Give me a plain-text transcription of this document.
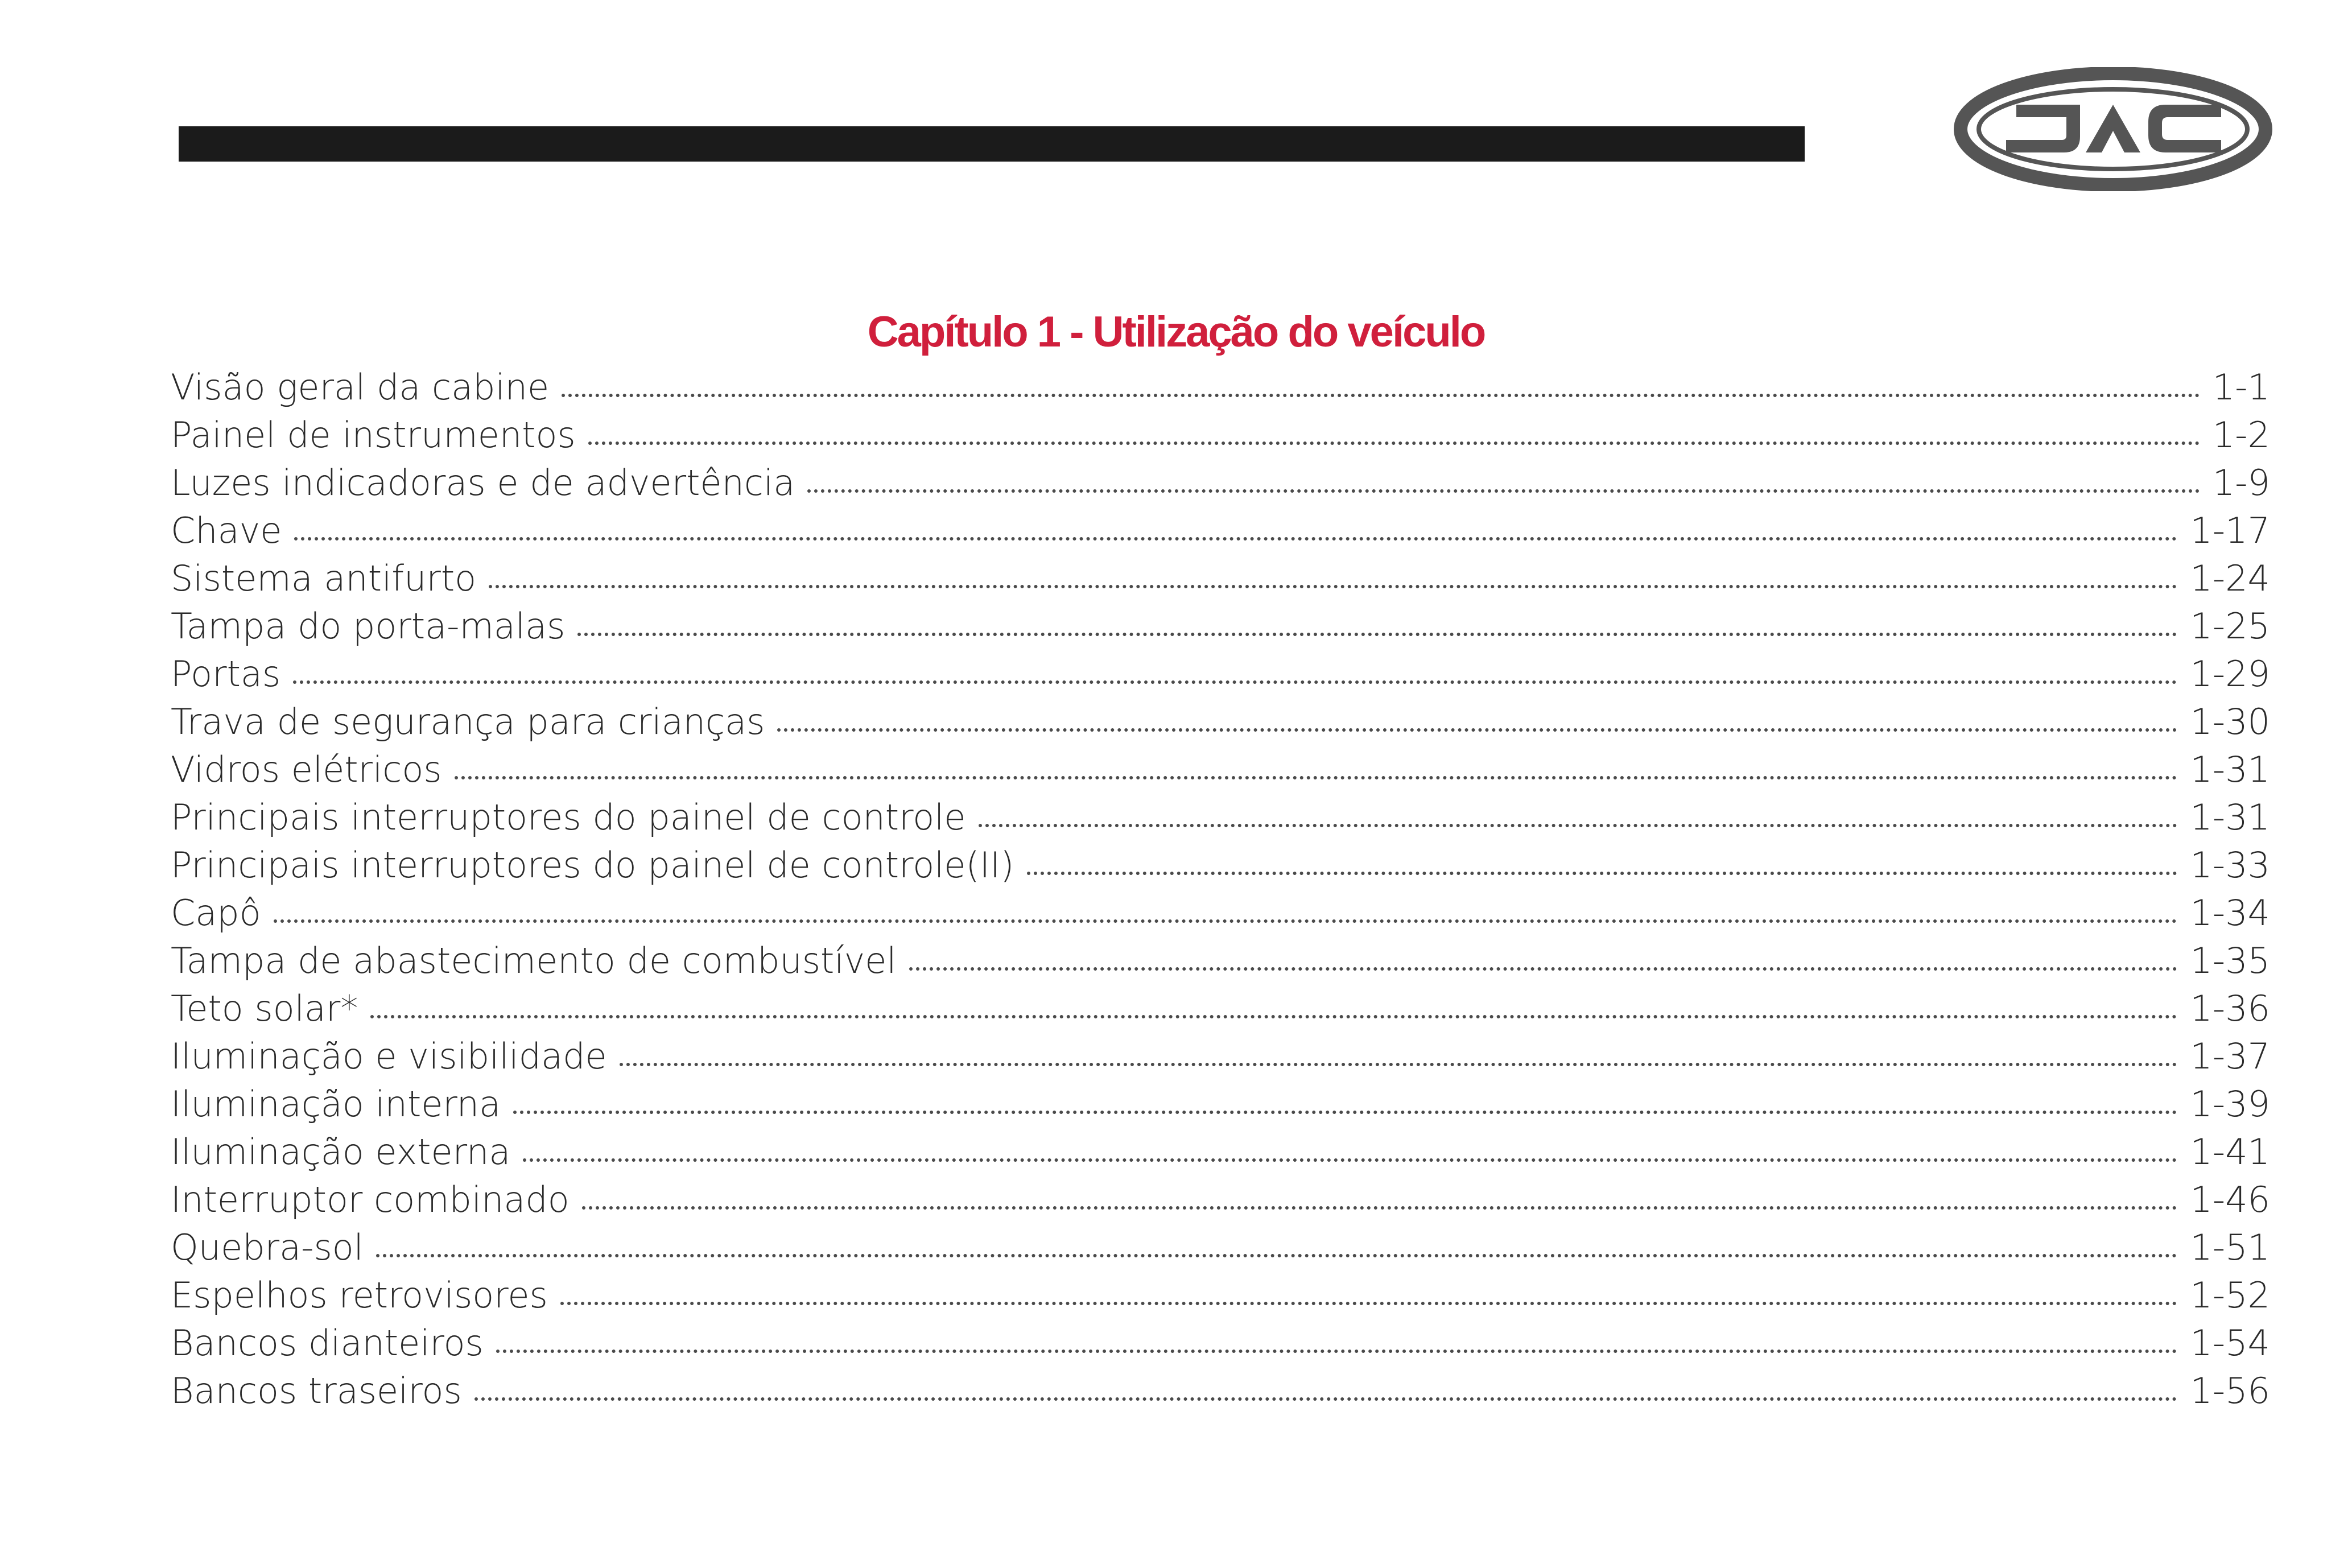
Capítulo 1 - Utilização do veículo
Visão geral da cabine	1-1
Painel de instrumentos	1-2
Luzes indicadoras e de advertência	1-9
Chave	1-17
Sistema antifurto	1-24
Tampa do porta-malas	1-25
Portas	1-29
Trava de segurança para crianças	1-30
Vidros elétricos	1-31
Principais interruptores do painel de controle	1-31
Principais interruptores do painel de controle(II)	1-33
Capô	1-34
Tampa de abastecimento de combustível	1-35
Teto solar*	1-36
Iluminação e visibilidade	1-37
Iluminação interna	1-39
Iluminação externa	1-41
Interruptor combinado	1-46
Quebra-sol	1-51
Espelhos retrovisores	1-52
Bancos dianteiros	1-54
Bancos traseiros	1-56
